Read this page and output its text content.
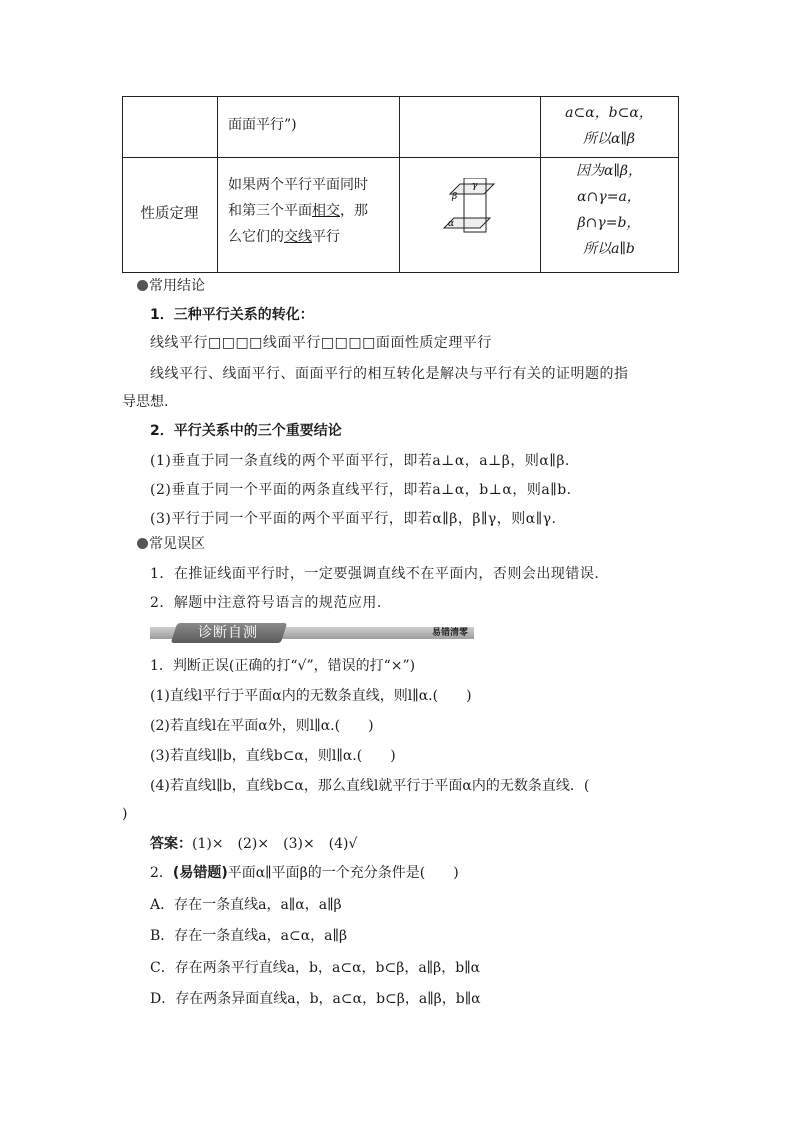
面面平行”)
a⊂α，b⊂α，
所以α∥β
性质定理
如果两个平行平面同时
和第三个平面相交，那
么它们的交线平行
γ
β
α
因为α∥β，
α∩γ=a，
β∩γ=b，
所以a∥b
常用结论
1．三种平行关系的转化：
线线平行□□□□线面平行□□□□面面性质定理平行
线线平行、线面平行、面面平行的相互转化是解决与平行有关的证明题的指
导思想.
2．平行关系中的三个重要结论
(1)垂直于同一条直线的两个平面平行，即若a⊥α，a⊥β，则α∥β.
(2)垂直于同一个平面的两条直线平行，即若a⊥α，b⊥α，则a∥b.
(3)平行于同一个平面的两个平面平行，即若α∥β，β∥γ，则α∥γ.
常见误区
1．在推证线面平行时，一定要强调直线不在平面内，否则会出现错误.
2．解题中注意符号语言的规范应用.
诊断自测	易错清零
1．判断正误(正确的打“√”，错误的打“×”)
(1)直线l平行于平面α内的无数条直线，则l∥α.(　　)
(2)若直线l在平面α外，则l∥α.(　　)
(3)若直线l∥b，直线b⊂α，则l∥α.(　　)
(4)若直线l∥b，直线b⊂α，那么直线l就平行于平面α内的无数条直线．(
)
答案：(1)×　(2)×　(3)×　(4)√
2．(易错题)平面α∥平面β的一个充分条件是(　　)
A．存在一条直线a，a∥α，a∥β
B．存在一条直线a，a⊂α，a∥β
C．存在两条平行直线a，b，a⊂α，b⊂β，a∥β，b∥α
D．存在两条异面直线a，b，a⊂α，b⊂β，a∥β，b∥α
